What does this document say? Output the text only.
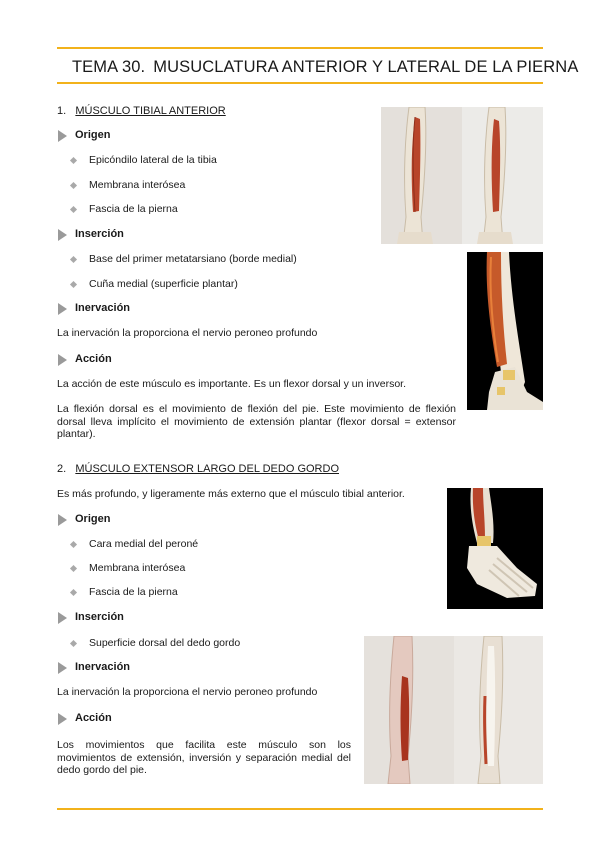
TEMA 30. MUSUCLATURA ANTERIOR Y LATERAL DE LA PIERNA
1. MÚSCULO TIBIAL ANTERIOR
Origen
Epicóndilo lateral de la tibia
Membrana interósea
Fascia de la pierna
Inserción
Base del primer metatarsiano (borde medial)
Cuña medial (superficie plantar)
Inervación
La inervación la proporciona el nervio peroneo profundo
Acción
La acción de este músculo es importante. Es un flexor dorsal y un inversor.
La flexión dorsal es el movimiento de flexión del pie. Este movimiento de flexión dorsal lleva implícito el movimiento de extensión plantar (flexor dorsal = extensor plantar).
2. MÚSCULO EXTENSOR LARGO DEL DEDO GORDO
Es más profundo, y ligeramente más externo que el músculo tibial anterior.
Origen
Cara medial del peroné
Membrana interósea
Fascia de la pierna
Inserción
Superficie dorsal del dedo gordo
Inervación
La inervación la proporciona el nervio peroneo profundo
Acción
Los movimientos que facilita este músculo son los movimientos de extensión, inversión y separación medial del dedo gordo del pie.
